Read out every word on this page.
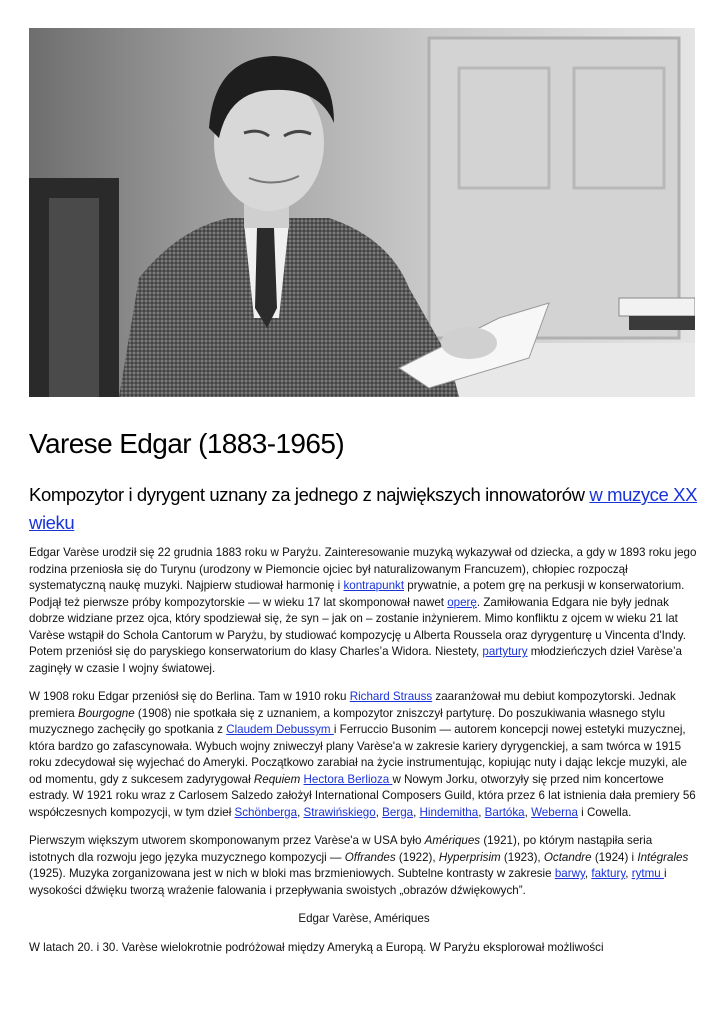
Varese Edgar (1883-1965)
Kompozytor i dyrygent uznany za jednego z największych innowatorów w muzyce XX wieku

Edgar Varèse urodził się 22 grudnia 1883 roku w Paryżu. Zainteresowanie muzyką wykazywał od dziecka, a gdy w 1893 roku jego rodzina przeniosła się do Turynu (urodzony w Piemoncie ojciec był naturalizowanym Francuzem), chłopiec rozpoczął systematyczną naukę muzyki. Najpierw studiował harmonię i kontrapunkt prywatnie, a potem grę na perkusji w konserwatorium. Podjął też pierwsze próby kompozytorskie — w wieku 17 lat skomponował nawet operę. Zamiłowania Edgara nie były jednak dobrze widziane przez ojca, który spodziewał się, że syn – jak on – zostanie inżynierem. Mimo konfliktu z ojcem w wieku 21 lat Varèse wstąpił do Schola Cantorum w Paryżu, by studiować kompozycję u Alberta Roussela oraz dyrygenturę u Vincenta d'Indy. Potem przeniósł się do paryskiego konserwatorium do klasy Charles’a Widora. Niestety, partytury młodzieńczych dzieł Varèse’a zaginęły w czasie I wojny światowej.

W 1908 roku Edgar przeniósł się do Berlina. Tam w 1910 roku Richard Strauss zaaranżował mu debiut kompozytorski. Jednak premiera Bourgogne (1908) nie spotkała się z uznaniem, a kompozytor zniszczył partyturę. Do poszukiwania własnego stylu muzycznego zachęciły go spotkania z Claudem Debussym i Ferruccio Busonim — autorem koncepcji nowej estetyki muzycznej, która bardzo go zafascynowała. Wybuch wojny zniweczył plany Varèse'a w zakresie kariery dyrygenckiej, a sam twórca w 1915 roku zdecydował się wyjechać do Ameryki. Początkowo zarabiał na życie instrumentując, kopiując nuty i dając lekcje muzyki, ale od momentu, gdy z sukcesem zadyrygował Requiem Hectora Berlioza w Nowym Jorku, otworzyły się przed nim koncertowe estrady. W 1921 roku wraz z Carlosem Salzedo założył International Composers Guild, która przez 6 lat istnienia dała premiery 56 współczesnych kompozycji, w tym dzieł Schönberga, Strawińskiego, Berga, Hindemitha, Bartóka, Weberna i Cowella.

Pierwszym większym utworem skomponowanym przez Varèse'a w USA było Amériques (1921), po którym nastąpiła seria istotnych dla rozwoju jego języka muzycznego kompozycji — Offrandes (1922), Hyperprisim (1923), Octandre (1924) i Intégrales (1925). Muzyka zorganizowana jest w nich w bloki mas brzmieniowych. Subtelne kontrasty w zakresie barwy, faktury, rytmu i wysokości dźwięku tworzą wrażenie falowania i przepływania swoistych „obrazów dźwiękowych”.

Edgar Varèse, Amériques

W latach 20. i 30. Varèse wielokrotnie podróżował między Ameryką a Europą. W Paryżu eksplorował możliwości
